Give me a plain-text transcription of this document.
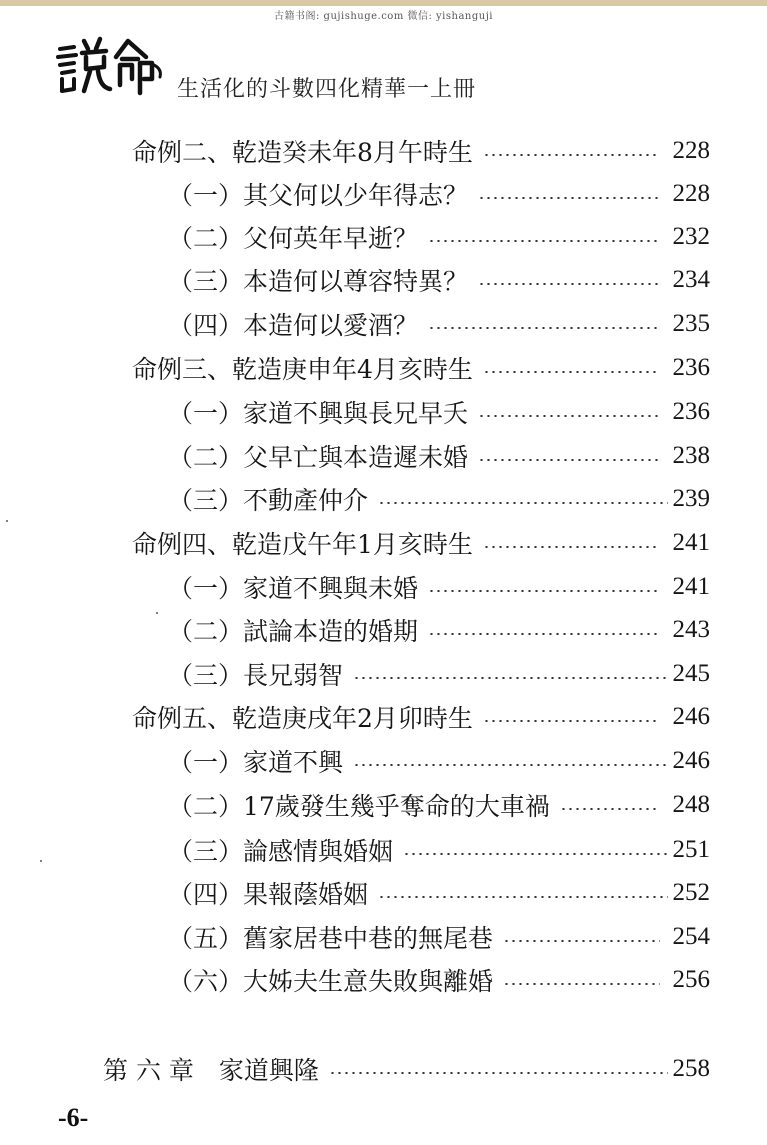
古籍书阁: gujishuge.com 微信: yishanguji
生活化的斗數四化精華一上冊
命例二、乾造癸未年8月午時生	228
（一）其父何以少年得志？	228
（二）父何英年早逝？	232
（三）本造何以尊容特異？	234
（四）本造何以愛酒？	235
命例三、乾造庚申年4月亥時生	236
（一）家道不興與長兄早夭	236
（二）父早亡與本造遲未婚	238
（三）不動產仲介	239
命例四、乾造戊午年1月亥時生	241
（一）家道不興與未婚	241
（二）試論本造的婚期	243
（三）長兄弱智	245
命例五、乾造庚戌年2月卯時生	246
（一）家道不興	246
（二）17歲發生幾乎奪命的大車禍	248
（三）論感情與婚姻	251
（四）果報蔭婚姻	252
（五）舊家居巷中巷的無尾巷	254
（六）大姊夫生意失敗與離婚	256
第 六 章　家道興隆	258
-6-
